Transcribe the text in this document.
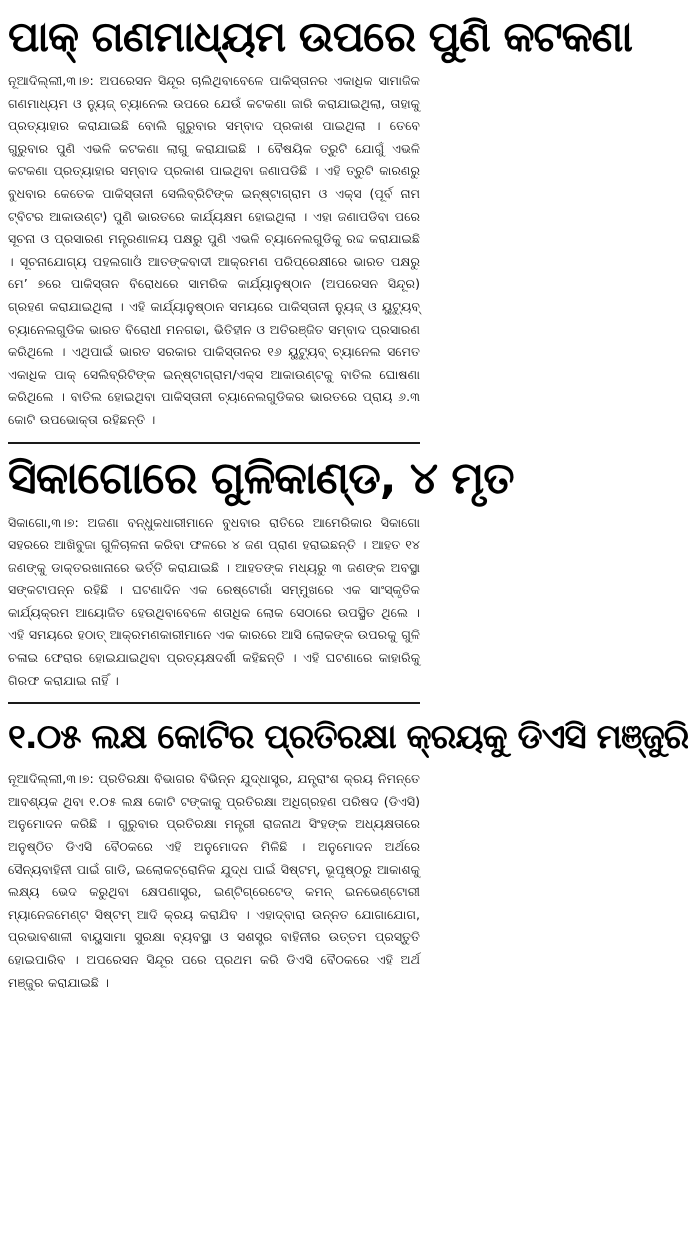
ପାକ୍ ଗଣମାଧ୍ୟମ ଉପରେ ପୁଣି କଟକଣା

ନୂଆଦିଲ୍ଲୀ,୩।୭: ଅପରେସନ ସିନ୍ଦୂର ଚାଲିଥିବାବେଳେ ପାକିସ୍ତାନର ଏକାଧିକ ସାମାଜିକ ଗଣମାଧ୍ୟମ ଓ ନ୍ୟୁଜ୍ ଚ୍ୟାନେଲ ଉପରେ ଯେଉଁ କଟକଣା ଜାରି କରାଯାଇଥିଲା, ତାହାକୁ ପ୍ରତ୍ୟାହାର କରାଯାଇଛି ବୋଲି ଗୁରୁବାର ସମ୍ବାଦ ପ୍ରକାଶ ପାଇଥିଲା । ତେବେ ଗୁରୁବାର ପୁଣି ଏଭଳି କଟକଣା ଲାଗୁ କରାଯାଇଛି । ବୈଷୟିକ ତ୍ରୁଟି ଯୋଗୁଁ ଏଭଳି କଟକଣା ପ୍ରତ୍ୟାହାର ସମ୍ବାଦ ପ୍ରକାଶ ପାଇଥିବା ଜଣାପଡିଛି । ଏହି ତ୍ରୁଟି କାରଣରୁ ବୁଧବାର କେତେକ ପାକିସ୍ତାନୀ ସେଲିବ୍ରିଟିଙ୍କ ଇନ୍‌ଷ୍ଟାଗ୍ରାମ ଓ ଏକ୍ସ (ପୂର୍ବ ନାମ ଟ୍ବିଟର ଆକାଉଣ୍ଟ) ପୁଣି ଭାରତରେ କାର୍ଯ୍ୟକ୍ଷମ ହୋଇଥିଲା । ଏହା ଜଣାପଡିବା ପରେ ସୂଚନା ଓ ପ୍ରସାରଣ ମନ୍ତ୍ରଣାଳୟ ପକ୍ଷରୁ ପୁଣି ଏଭଳି ଚ୍ୟାନେଲଗୁଡିକୁ ରଦ୍ଦ କରାଯାଇଛି । ସୂଚନାଯୋଗ୍ୟ ପହଲଗାଓଁ ଆତଙ୍କବାଦୀ ଆକ୍ରମଣ ପରିପ୍ରେକ୍ଷୀରେ ଭାରତ ପକ୍ଷରୁ ମେ’ ୭ରେ ପାକିସ୍ତାନ ବିରୋଧରେ ସାମରିକ କାର୍ଯ୍ୟାନୁଷ୍ଠାନ (ଅପରେସନ ସିନ୍ଦୂର) ଗ୍ରହଣ କରାଯାଇଥିଲା । ଏହି କାର୍ଯ୍ୟାନୁଷ୍ଠାନ ସମୟରେ ପାକିସ୍ତାନୀ ନ୍ୟୁଜ୍ ଓ ୟୁଟ୍ୟୁବ୍ ଚ୍ୟାନେଲଗୁଡିକ ଭାରତ ବିରୋଧୀ ମନଗଢା, ଭିତିହୀନ ଓ ଅତିରଞ୍ଜିତ ସମ୍ବାଦ ପ୍ରସାରଣ କରିଥିଲେ । ଏଥିପାଇଁ ଭାରତ ସରକାର ପାକିସ୍ତାନର ୧୬ ୟୁଟ୍ୟୁବ୍ ଚ୍ୟାନେଲ ସମେତ ଏକାଧିକ ପାକ୍ ସେଲିବ୍ରିଟିଙ୍କ ଇନ୍‌ଷ୍ଟାଗ୍ରାମ/ଏକ୍ସ ଆକାଉଣ୍ଟକୁ ବାତିଲ ଘୋଷଣା କରିଥିଲେ । ବାତିଲ ହୋଇଥିବା ପାକିସ୍ତାନୀ ଚ୍ୟାନେଲଗୁଡିକର ଭାରତରେ ପ୍ରାୟ ୬.୩ କୋଟି ଉପଭୋକ୍ତା ରହିଛନ୍ତି ।

ସିକାଗୋରେ ଗୁଳିକାଣ୍ଡ, ୪ ମୃତ

ସିକାଗୋ,୩।୭: ଅଜଣା ବନ୍ଧୁକଧାରୀମାନେ ବୁଧବାର ରାତିରେ ଆମେରିକାର ସିକାଗୋ ସହରରେ ଆଖିବୁଜା ଗୁଳିଚାଳନା କରିବା ଫଳରେ ୪ ଜଣ ପ୍ରାଣ ହରାଇଛନ୍ତି । ଆହତ ୧୪ ଜଣଙ୍କୁ ଡାକ୍ତରଖାନାରେ ଭର୍ତ୍ତି କରାଯାଇଛି । ଆହତଙ୍କ ମଧ୍ୟରୁ ୩ ଜଣଙ୍କ ଅବସ୍ଥା ସଙ୍କଟାପନ୍ନ ରହିଛି । ଘଟଣାଦିନ ଏକ ରେଷ୍ଟୋରାଁ ସମ୍ମୁଖରେ ଏକ ସାଂସ୍କୃତିକ କାର୍ଯ୍ୟକ୍ରମ ଆୟୋଜିତ ହେଉଥିବାବେଳେ ଶତାଧିକ ଲୋକ ସେଠାରେ ଉପସ୍ଥିତ ଥିଲେ । ଏହି ସମୟରେ ହଠାତ୍ ଆକ୍ରମଣକାରୀମାନେ ଏକ କାରରେ ଆସି ଲୋକଙ୍କ ଉପରକୁ ଗୁଳି ଚଳାଇ ଫେରାର ହୋଇଯାଇଥିବା ପ୍ରତ୍ୟକ୍ଷଦର୍ଶୀ କହିଛନ୍ତି । ଏହି ଘଟଣାରେ କାହାରିକୁ ଗିରଫ କରାଯାଇ ନାହିଁ ।

୧.୦୫ ଲକ୍ଷ କୋଟିର ପ୍ରତିରକ୍ଷା କ୍ରୟକୁ ଡିଏସି ମଞ୍ଜୁରି

ନୂଆଦିଲ୍ଲୀ,୩।୭: ପ୍ରତିରକ୍ଷା ବିଭାଗର ବିଭିନ୍ନ ଯୁଦ୍ଧାସ୍ତ୍ର, ଯନ୍ତ୍ରାଂଶ କ୍ରୟ ନିମନ୍ତେ ଆବଶ୍ୟକ ଥିବା ୧.୦୫ ଲକ୍ଷ କୋଟି ଟଙ୍କାକୁ ପ୍ରତିରକ୍ଷା ଅଧିଗ୍ରହଣ ପରିଷଦ (ଡିଏସି) ଅନୁମୋଦନ କରିଛି । ଗୁରୁବାର ପ୍ରତିରକ୍ଷା ମନ୍ତ୍ରୀ ରାଜନାଥ ସିଂହଙ୍କ ଅଧ୍ୟକ୍ଷତାରେ ଅନୁଷ୍ଠିତ ଡିଏସି ବୈଠକରେ ଏହି ଅନୁମୋଦନ ମିଳିଛି । ଅନୁମୋଦନ ଅର୍ଥରେ ସୈନ୍ୟବାହିନୀ ପାଇଁ ଗାଡି, ଇଲୋକଟ୍ରୋନିକ ଯୁଦ୍ଧ ପାଇଁ ସିଷ୍ଟମ୍, ଭୂପୃଷ୍ଠରୁ ଆକାଶକୁ ଲକ୍ଷ୍ୟ ଭେଦ କରୁଥିବା କ୍ଷେପଣାସ୍ତ୍ର, ଇଣ୍ଟିଗ୍ରେଟେଡ୍ କମନ୍ ଇନଭେଣ୍ଟୋରୀ ମ୍ୟାନେଜମେଣ୍ଟ ସିଷ୍ଟମ୍ ଆଦି କ୍ରୟ କରାଯିବ । ଏହାଦ୍ବାରା ଉନ୍ନତ ଯୋଗାଯୋଗ, ପ୍ରଭାବଶାଳୀ ବାୟୁସାମା ସୁରକ୍ଷା ବ୍ୟବସ୍ଥା ଓ ସଶସ୍ତ୍ର ବାହିନୀର ଉତ୍ତମ ପ୍ରସ୍ତୁତି ହୋଇପାରିବ । ଅପରେସନ ସିନ୍ଦୂର ପରେ ପ୍ରଥମ କରି ଡିଏସି ବୈଠକରେ ଏହି ଅର୍ଥ ମଞ୍ଜୁର କରାଯାଇଛି ।
